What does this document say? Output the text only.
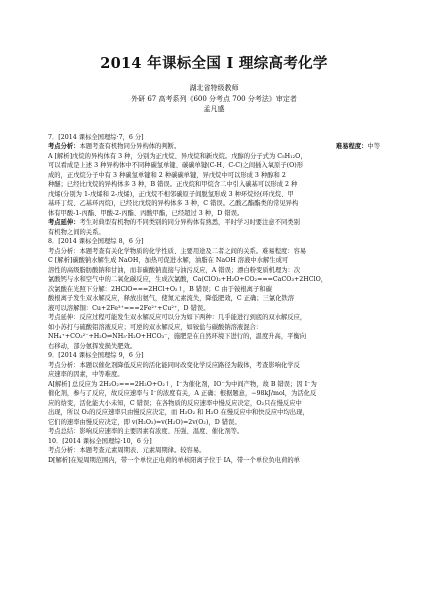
2014 年课标全国 I 理综高考化学
湖北省特级教师
外研 67 高考系列《600 分考点 700 分考法》审定者
孟凡盛

7．[2014 课标全国理综·7，6 分]

考点分析：本题考查有机物同分异构体的判断。	难易程度：中等

A [解析]戊烷的异构体有 3 种，分别为正戊烷、异戊烷和新戊烷。戊醇的分子式为 C₅H₁₂O，

可以看成是上述 3 种异构体中不同种碳氢单键、碳碳单键(C-H、C-C)之间插入氧原子(O)形

成的，正戊烷分子中有 3 种碳氢单键和 2 种碳碳单键，异戊烷中可以形成 3 种醇和 2

种醚；已经比戊烷的异构体多 3 种，B 错误。正戊烷和甲烷含二中引入碳基可以形成 2 种

戊烯(分别为 1-戊烯和 2-戊烯)，正戊烷不相邻碳原子间脱氢形成 3 种环烷烃(环戊烷、甲

基环丁烷、乙基环丙烷)，已经比戊烷的异构体多 3 种，C 错误。乙酸乙酯酯类的常见异构

体有甲酸-1-丙酯、甲酸-2-丙酯、丙酸甲酯，已经超过 3 种，D 错误。

考点延伸：考生对典型有机物的不同类别的同分异构体有熟悉，平时学习时要注意不同类别

有机物之间的关系。

8．[2014 课标全国理综 8，6 分]

考点分析：本题考查有关化学物质的化学性质、主要用途及二者之间的关系。难易程度：容易

C [解析]碳酸钠水解生成 NaOH，加热可促进水解，油脂在 NaOH 溶液中水解生成可

溶性的高级脂肪酸钠和甘油，而非碳酸钠直接与油污反应，A 错误；漂白粉变质机理为：次

氯酸钙与水和空气中的二氧化碳反应，生成次氯酸，Ca(ClO)₂+H₂O+CO₂===CaCO₃+2HClO，

次氯酸在光照下分解：2HClO===2HCl+O₂↑，B 错误；C 由于铵根离子和碳

酸根离子发生双水解反应，释放出氨气，使氮元素流失，降低肥效，C 正确；三氯化铁溶

液可以溶解铜：Cu+2Fe³⁺===2Fe²⁺+Cu²⁺，D 错误。

考点延伸：反应过程可能发生双水解反应可以分为如下两种：几乎能进行到底的双水解反应，

如小苏打与硫酸铝溶液反应；可逆的双水解反应，如铵盐与碳酸钠溶液混合：

NH₄⁺+CO₃²⁻+H₂O⇌NH₃·H₂O+HCO₃⁻，施肥是在自然环境下进行的，温度升高，平衡向

右移动，部分氨挥发损失肥效。

9．[2014 课标全国理综 9，6 分]

考点分析：本题以催化剂降低反应的活化能同时改变化学反应路径为载体，考查影响化学反

应速率的因素，中等难度。

A[解析] 总反应为 2H₂O₂===2H₂O+O₂↑，I⁻为催化剂，IO⁻为中间产物，故 B 错误；因 I⁻为

催化剂，参与了反应，故反应速率与 I⁻的浓度有关，A 正确；根据题意，−98kJ/mol，为活化反

应的焓变，活化能大小未知，C 错误；在各物质的反应速率中慢反应决定，O₂只在慢反应中

出现，所以 O₂的反应速率只由慢反应决定，而 H₂O₂ 和 H₂O 在慢反应中和快反应中均出现，

它们的速率由慢反应决定，即 v(H₂O₂)=v(H₂O)=2v(O₂)，D 错误。

考点总结：影响反应速率的主要因素有浓度、压强、温度、催化剂等。

10．[2014 课标全国理综·10，6 分]

考点分析：本题考查元素周期表、元素周期律。较容易。

D[解析]在短周期范围内，带一个单位正电荷的单核阳离子位于 IA，带一个单位负电荷的单
